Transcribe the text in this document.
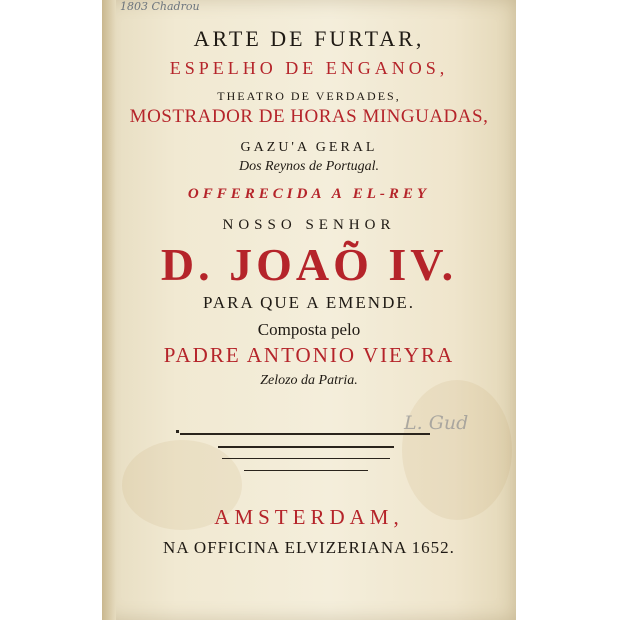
1803 Chadrou
ARTE DE FURTAR,
ESPELHO DE ENGANOS,
THEATRO DE VERDADES,
MOSTRADOR DE HORAS MINGUADAS,
GAZU'A GERAL
Dos Reynos de Portugal.
OFFERECIDA A EL-REY
NOSSO SENHOR
D. JOAÕ IV.
PARA QUE A EMENDE.
Composta pelo
PADRE ANTONIO VIEYRA
Zelozo da Patria.
L. Gud
AMSTERDAM,
NA OFFICINA ELVIZERIANA 1652.
